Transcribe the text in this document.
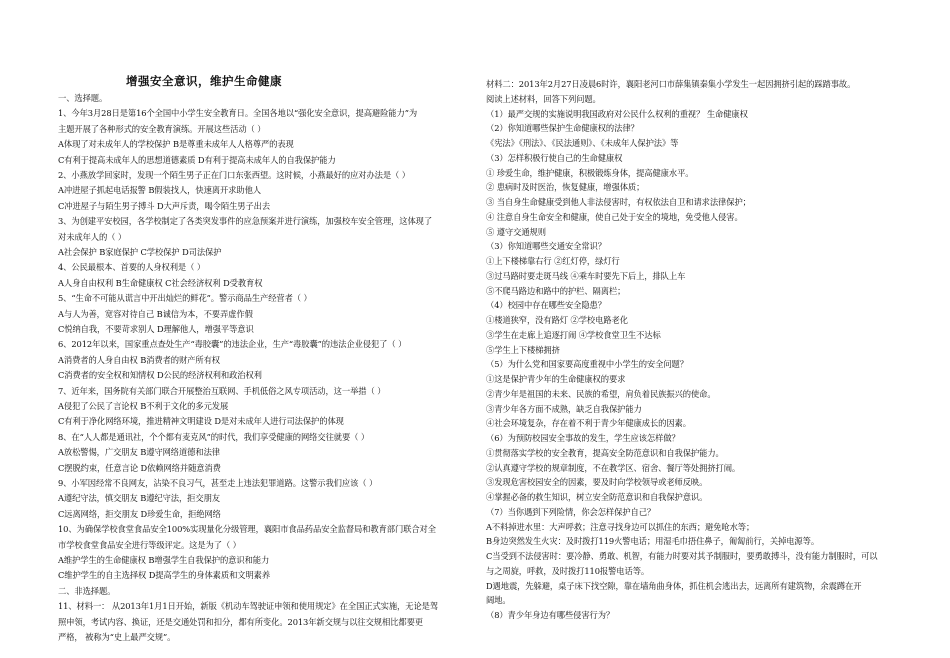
增强安全意识，维护生命健康
一、选择题。
1、今年3月28日是第16个全国中小学生安全教育日。全国各地以“强化安全意识，提高避险能力”为
主题开展了各种形式的安全教育演练。开展这些活动（ ）
A体现了对未成年人的学校保护 B是尊重未成年人人格尊严的表现
C有利于提高未成年人的思想道德素质 D有利于提高未成年人的自我保护能力
2、小燕放学回家时，发现一个陌生男子正在门口东张西望。这时候，小燕最好的应对办法是（ ）
A冲进屋子抓起电话报警 B假装找人，快速离开求助他人
C冲进屋子与陌生男子搏斗 D大声斥责，喝令陌生男子出去
3、为创建平安校园，各学校制定了各类突发事件的应急预案并进行演练，加强校车安全管理，这体现了
对未成年人的（ ）
A社会保护 B家庭保护 C学校保护 D司法保护
4、公民最根本、首要的人身权利是（ ）
A人身自由权利 B生命健康权 C社会经济权利 D受教育权
5、“生命不可能从谎言中开出灿烂的鲜花”。警示商品生产经营者（ ）
A与人为善，宽容对待自己 B诚信为本，不要弄虚作假
C悦纳自我，不要苛求别人 D理解他人，增强平等意识
6、2012年以来，国家重点查处生产“毒胶囊”的违法企业，生产“毒胶囊”的违法企业侵犯了（ ）
A消费者的人身自由权 B消费者的财产所有权
C消费者的安全权和知情权 D公民的经济权利和政治权利
7、近年来，国务院有关部门联合开展整治互联网、手机低俗之风专项活动，这一举措（ ）
A侵犯了公民了言论权 B不利于文化的多元发展
C有利于净化网络环境，推进精神文明建设 D是对未成年人进行司法保护的体现
8、在“人人都是通讯社，个个都有麦克风”的时代，我们享受健康的网络交往就要（ ）
A放松警惕，广交朋友 B遵守网络道德和法律
C摆脱约束，任意言论 D依赖网络并随意消费
9、小军因经常不良网友，沾染不良习气，甚至走上违法犯罪道路。这警示我们应该（ ）
A遵纪守法，慎交朋友 B遵纪守法，拒交朋友
C远离网络，拒交朋友 D珍爱生命，拒绝网络
10、为确保学校食堂食品安全100%实现量化分级管理，襄阳市食品药品安全监督局和教育部门联合对全
市学校食堂食品安全进行等级评定。这是为了（ ）
A维护学生的生命健康权 B增强学生自我保护的意识和能力
C维护学生的自主选择权 D提高学生的身体素质和文明素养
二、非选择题。
11、材料一： 从2013年1月1日开始，新版《机动车驾驶证申领和使用规定》在全国正式实施，无论是驾
照申领，考试内容、换证，还是交通处罚和扣分，都有所变化。2013年新交规与以往交规相比都要更
严格， 被称为“史上最严交规”。
材料二：2013年2月27日凌晨6时许，襄阳老河口市薛集镇秦集小学发生一起因拥挤引起的踩踏事故。
阅读上述材料，回答下列问题。
（1）最严交规的实施说明我国政府对公民什么权利的重视？ 生命健康权
（2）你知道哪些保护生命健康权的法律？
《宪法》《刑法》、《民法通则》、《未成年人保护法》等
（3）怎样积极行使自己的生命健康权
① 珍爱生命，维护健康，积极锻炼身体，提高健康水平。
② 患病时及时医治，恢复健康，增强体质；
③ 当自身生命健康受到他人非法侵害时，有权依法自卫和请求法律保护；
④ 注意自身生命安全和健康，使自己处于安全的境地，免受他人侵害。
⑤ 遵守交通规则
（3）你知道哪些交通安全常识？
①上下楼梯靠右行 ②红灯停，绿灯行
③过马路时要走斑马线 ④乘车时要先下后上，排队上车
⑤不爬马路边和路中的护栏、隔离栏；
（4）校园中存在哪些安全隐患？
①楼道狭窄，没有路灯 ②学校电路老化
③学生在走廊上追逐打闹 ④学校食堂卫生不达标
⑤学生上下楼梯拥挤
（5）为什么党和国家要高度重视中小学生的安全问题？
①这是保护青少年的生命健康权的要求
②青少年是祖国的未来、民族的希望，肩负着民族振兴的使命。
③青少年各方面不成熟，缺乏自我保护能力
④社会环境复杂，存在着不利于青少年健康成长的因素。
（6）为预防校园安全事故的发生，学生应该怎样做？
①贯彻落实学校的安全教育，提高安全防范意识和自我保护能力。
②认真遵守学校的规章制度，不在教学区、宿舍、餐厅等处拥挤打闹。
③发现危害校园安全的因素，要及时向学校领导或老师反映。
④掌握必备的救生知识，树立安全防范意识和自我保护意识。
（7）当你遇到下列险情，你会怎样保护自己？
A不料掉进水里：大声呼救；注意寻找身边可以抓住的东西；避免呛水等；
B身边突然发生火灾：及时拨打119火警电话；用湿毛巾捂住鼻子，匍匐前行，关掉电源等。
C当受到不法侵害时：要冷静、勇敢、机智，有能力时要对其予制服时，要勇敢搏斗，没有能力制服时，可以
与之周旋，呼救，及时拨打110报警电话等。
D遇地震，先躲避，桌子床下找空隙，靠在墙角曲身体，抓住机会逃出去，远离所有建筑物，余震蹲在开
阔地。
（8）青少年身边有哪些侵害行为？
